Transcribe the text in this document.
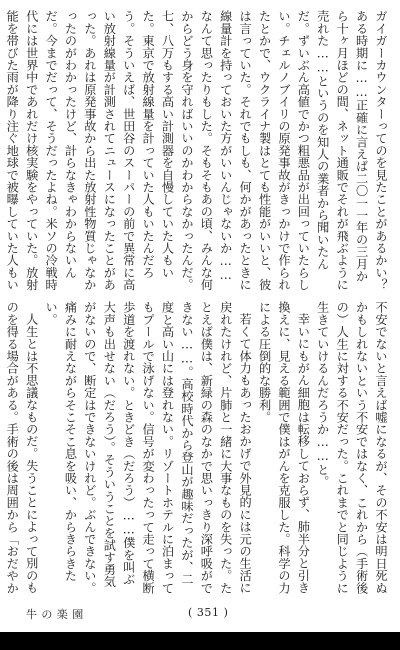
ガイガーカウンターってのを見たことがあるかい？　ある時期に……正確に言えば二〇一一年の三月から十ヶ月ほどの間、ネット通販でそれが飛ぶように売れた……というのを知人の業者から聞いたんだ。ずいぶん高値でかつ粗悪品が出回っていたらしい。チェルノブイリの原発事故がきっかけで作られたとかで、ウクライナ製はとても性能がいいと、彼は言っていた。それでもしも、何かがあったときに線量計を持っておいた方がいいんじゃないか……なんて思ったりもした。そもそもあの頃、みんな何からどう身を守ればいいのかわからなかったんだ。七、八万もする高い計測器を自慢していた人もいた。東京で放射線量を計っていた人もいたんだろう。そういえば、世田谷のスーパーの前で異常に高い放射線量が計測されてニュースになったことがあった。あれは原発事故から出た放射性物質じゃなかったのがわかったけど、計らなきゃわからないんだ。今までだって、そうだったよね。米ソの冷戦時代には世界中であれだけ核実験をやっていた。放射能を帯びた雨が降り注ぐ地球で被曝していた人もい

不安でないと言えば嘘になるが、その不安は明日死ぬかもしれないという不安ではなく、これから（手術後の）人生に対する不安だった。これまでと同じように生きていけるんだろうか……と。

幸いにもがん細胞は転移しておらず、肺半分と引き換えに、見える範囲で僕はがんを克服した。科学の力による圧倒的な勝利。

若くて体力もあったおかげで外見的には元の生活に戻れたけれど、片肺と一緒に大事なものを失った。たとえば僕は、新緑の森のなかで思いっきり深呼吸ができない……。高校時代から登山が趣味だったが、二度と高い山には登れない。リゾートホテルに泊まってもプールで泳げない。信号が変わったって走って横断歩道を渡れない。ときどき（だろう）……僕を叫ぶ大声も出せない（だろう）。そういうことを試す勇気がないので、断定はできないけれど。ぶんできない。痛みに耐えながらそこそこ息を吸い、からきらきたい。

人生とは不思議なものだ。失うことによって別のものを得る場合がある。手術の後は周囲から「おだやか

牛の楽園	( 351 )
